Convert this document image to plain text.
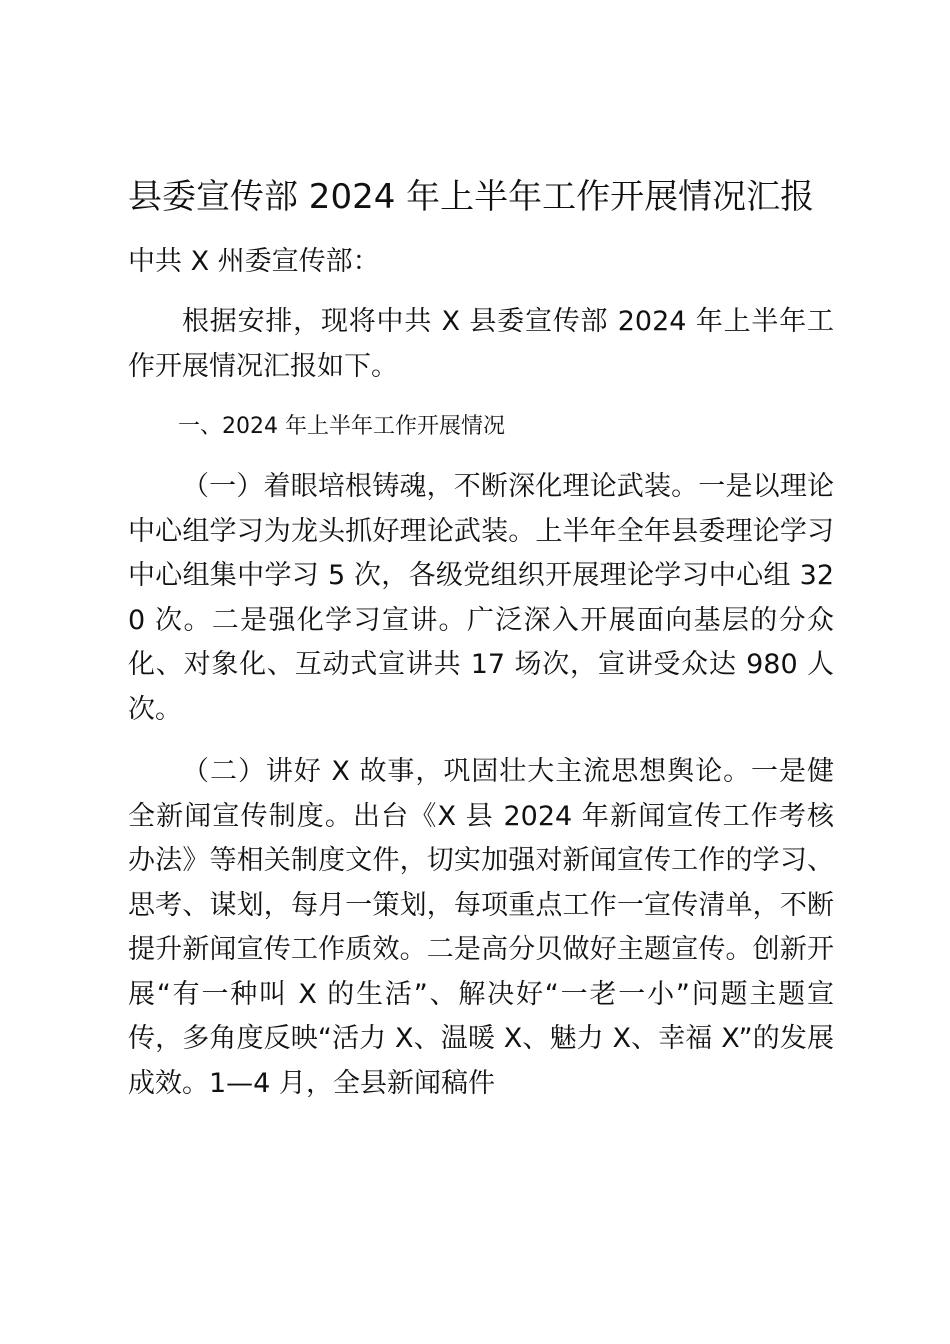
县委宣传部 2024 年上半年工作开展情况汇报
中共 X 州委宣传部：
根据安排，现将中共 X 县委宣传部 2024 年上半年工作开展情况汇报如下。
一、2024 年上半年工作开展情况
（一）着眼培根铸魂，不断深化理论武装。一是以理论中心组学习为龙头抓好理论武装。上半年全年县委理论学习中心组集中学习 5 次，各级党组织开展理论学习中心组 320 次。二是强化学习宣讲。广泛深入开展面向基层的分众化、对象化、互动式宣讲共 17 场次，宣讲受众达 980 人次。
（二）讲好 X 故事，巩固壮大主流思想舆论。一是健全新闻宣传制度。出台《X 县 2024 年新闻宣传工作考核办法》等相关制度文件，切实加强对新闻宣传工作的学习、思考、谋划，每月一策划，每项重点工作一宣传清单，不断提升新闻宣传工作质效。二是高分贝做好主题宣传。创新开展“有一种叫 X 的生活”、解决好“一老一小”问题主题宣传，多角度反映“活力 X、温暖 X、魅力 X、幸福 X”的发展成效。1—4 月，全县新闻稿件
